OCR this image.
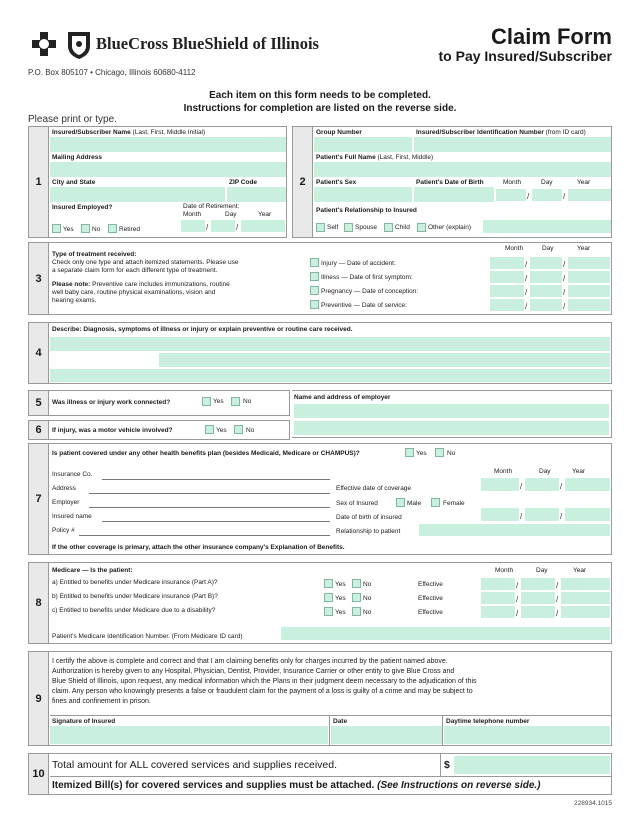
BlueCross BlueShield of Illinois
P.O. Box 805107 • Chicago, Illinois 60680-4112
Claim Form
to Pay Insured/Subscriber
Each item on this form needs to be completed.
Instructions for completion are listed on the reverse side.
Please print or type.
1
Insured/Subscriber Name (Last, First, Middle Initial)
Mailing Address
City and State	ZIP Code
Insured Employed?	Date of Retirement:
Month	Day	Year
/	/
Yes	No	Retired
2
Group Number	Insured/Subscriber Identification Number (from ID card)
Patient's Full Name (Last, First, Middle)
Patient's Sex	Patient's Date of Birth	Month	Day	Year
/	/
Patient's Relationship to Insured
Self	Spouse	Child	Other (explain)
3
Type of treatment received:
Check only one type and attach itemized statements. Please use
a separate claim form for each different type of treatment.
Please note: Preventive care includes immunizations, routine
well baby care, routine physical examinations, vision and
hearing exams.
Month	Day	Year
Injury — Date of accident:	/	/
Illness — Date of first symptom:	/	/
Pregnancy — Date of conception:	/	/
Preventive — Date of service:	/	/
4
Describe: Diagnosis, symptoms of illness or injury or explain preventive or routine care received.
5	Was illness or injury work connected?	Yes	No
Name and address of employer
6	If injury, was a motor vehicle involved?	Yes	No
7
Is patient covered under any other health benefits plan (besides Medicaid, Medicare or CHAMPUS)?	Yes	No
Insurance Co.
Address
Employer
Insured name
Policy #
Month	Day	Year
Effective date of coverage	/	/
Sex of Insured	Male	Female
Date of birth of insured	/	/
Relationship to patient
If the other coverage is primary, attach the other insurance company's Explanation of Benefits.
8
Medicare — Is the patient:	Month	Day	Year
a) Entitled to benefits under Medicare insurance (Part A)?	Yes	No	Effective	/	/
b) Entitled to benefits under Medicare insurance (Part B)?	Yes	No	Effective	/	/
c) Entitled to benefits under Medicare due to a disability?	Yes	No	Effective	/	/
Patient's Medicare Identification Number. (From Medicare ID card)
9
I certify the above is complete and correct and that I am claiming benefits only for charges incurred by the patient named above.
Authorization is hereby given to any Hospital, Physician, Dentist, Provider, Insurance Carrier or other entity to give Blue Cross and
Blue Shield of Illinois, upon request, any medical information which the Plans in their judgment deem necessary to the adjudication of this
claim. Any person who knowingly presents a false or fraudulent claim for the payment of a loss is guilty of a crime and may be subject to
fines and confinement in prison.
Signature of Insured	Date	Daytime telephone number
10
Total amount for ALL covered services and supplies received.	$
Itemized Bill(s) for covered services and supplies must be attached. (See Instructions on reverse side.)
228934.1015
